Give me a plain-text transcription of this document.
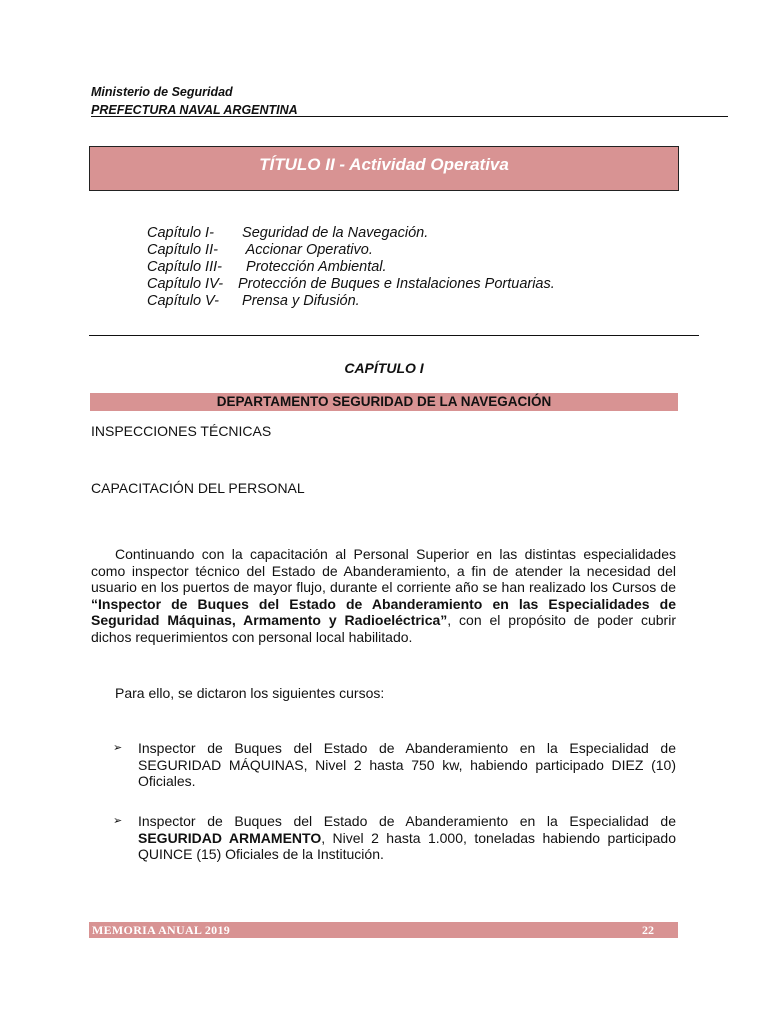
Ministerio de Seguridad
PREFECTURA NAVAL ARGENTINA
TÍTULO II - Actividad Operativa
Capítulo I-	Seguridad de la Navegación.
Capítulo II-	Accionar Operativo.
Capítulo III-	Protección Ambiental.
Capítulo IV-	Protección de Buques e Instalaciones Portuarias.
Capítulo V-	Prensa y Difusión.
CAPÍTULO I
DEPARTAMENTO SEGURIDAD DE LA NAVEGACIÓN
INSPECCIONES TÉCNICAS
CAPACITACIÓN DEL PERSONAL
Continuando con la capacitación al Personal Superior en las distintas especialidades como inspector técnico del Estado de Abanderamiento, a fin de atender la necesidad del usuario en los puertos de mayor flujo, durante el corriente año se han realizado los Cursos de “Inspector de Buques del Estado de Abanderamiento en las Especialidades de Seguridad Máquinas, Armamento y Radioeléctrica”, con el propósito de poder cubrir dichos requerimientos con personal local habilitado.
Para ello, se dictaron los siguientes cursos:
➢ Inspector de Buques del Estado de Abanderamiento en la Especialidad de SEGURIDAD MÁQUINAS, Nivel 2 hasta 750 kw, habiendo participado DIEZ (10) Oficiales.
➢ Inspector de Buques del Estado de Abanderamiento en la Especialidad de SEGURIDAD ARMAMENTO, Nivel 2 hasta 1.000, toneladas habiendo participado QUINCE (15) Oficiales de la Institución.
MEMORIA ANUAL 2019	22
